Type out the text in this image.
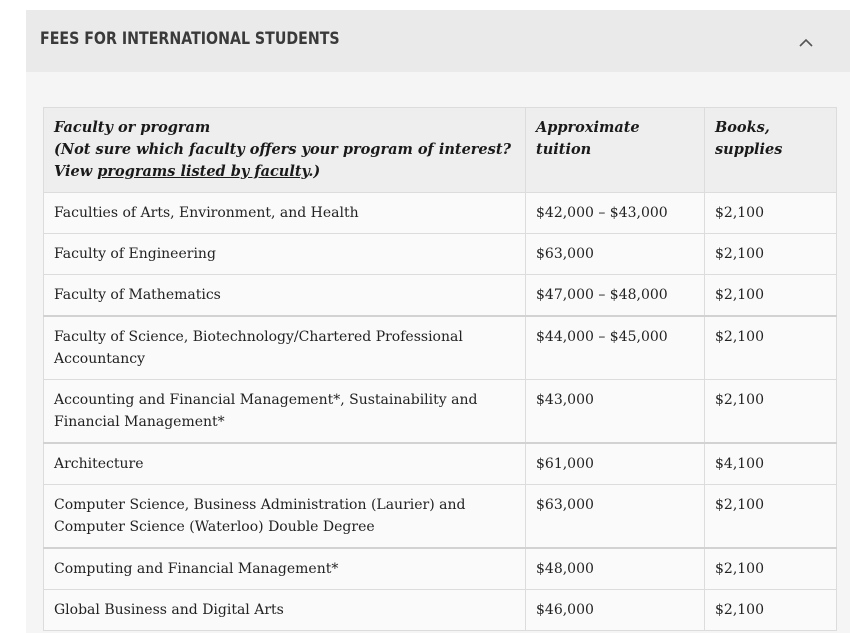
FEES FOR INTERNATIONAL STUDENTS
Faculty or program
(Not sure which faculty offers your program of interest?
View programs listed by faculty.)	Approximate tuition	Books, supplies
Faculties of Arts, Environment, and Health	$42,000 – $43,000	$2,100
Faculty of Engineering	$63,000	$2,100
Faculty of Mathematics	$47,000 – $48,000	$2,100
Faculty of Science, Biotechnology/Chartered Professional Accountancy	$44,000 – $45,000	$2,100
Accounting and Financial Management*, Sustainability and Financial Management*	$43,000	$2,100
Architecture	$61,000	$4,100
Computer Science, Business Administration (Laurier) and Computer Science (Waterloo) Double Degree	$63,000	$2,100
Computing and Financial Management*	$48,000	$2,100
Global Business and Digital Arts	$46,000	$2,100
